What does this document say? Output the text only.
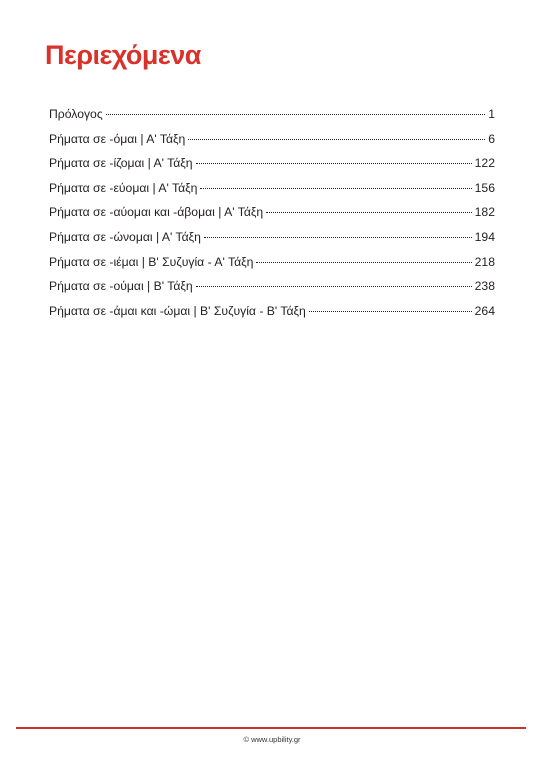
Περιεχόμενα
Πρόλογος	1
Ρήματα σε -όμαι | Α' Τάξη	6
Ρήματα σε -ίζομαι | Α' Τάξη	122
Ρήματα σε -εύομαι | Α' Τάξη	156
Ρήματα σε -αύομαι και -άβομαι | Α' Τάξη	182
Ρήματα σε -ώνομαι | Α' Τάξη	194
Ρήματα σε -ιέμαι | Β' Συζυγία - Α' Τάξη	218
Ρήματα σε -ούμαι | Β' Τάξη	238
Ρήματα σε -άμαι και -ώμαι | Β' Συζυγία - Β' Τάξη	264
© www.upbility.gr
